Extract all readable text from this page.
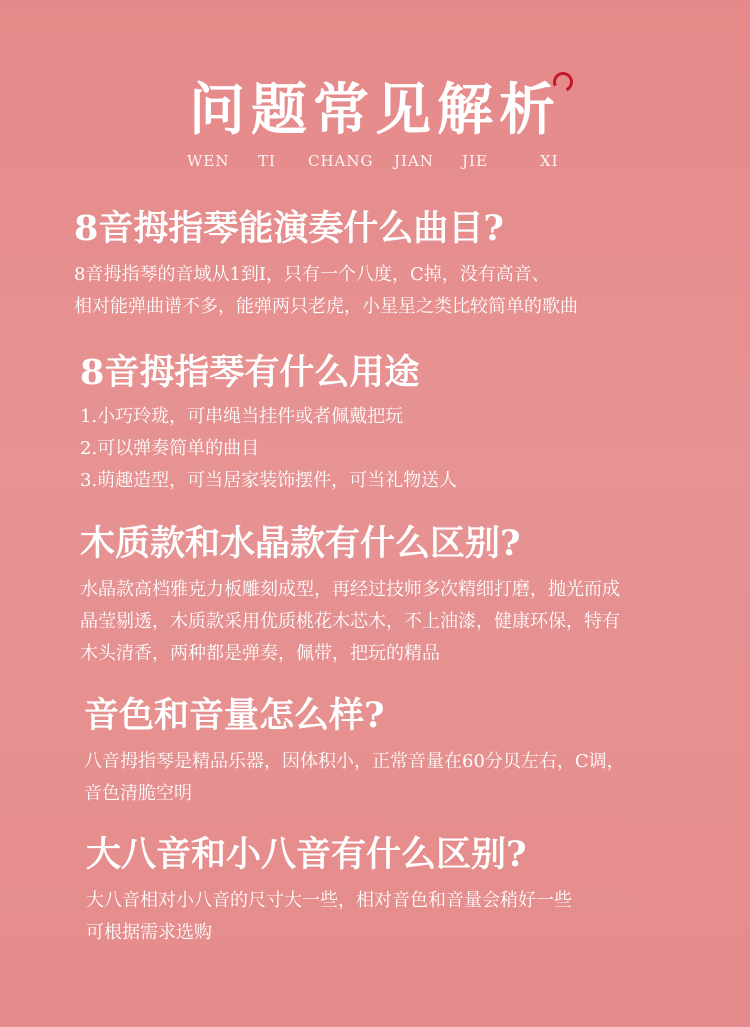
问题常见解析
WEN TI CHANG JIAN JIE	XI
8音拇指琴能演奏什么曲目?
8音拇指琴的音域从1到I，只有一个八度，C掉，没有高音、
相对能弹曲谱不多，能弹两只老虎，小星星之类比较简单的歌曲
8音拇指琴有什么用途
1.小巧玲珑，可串绳当挂件或者佩戴把玩
2.可以弹奏简单的曲目
3.萌趣造型，可当居家装饰摆件，可当礼物送人
木质款和水晶款有什么区别?
水晶款高档雅克力板雕刻成型，再经过技师多次精细打磨，抛光而成
晶莹剔透，木质款采用优质桃花木芯木，不上油漆，健康环保，特有
木头清香，两种都是弹奏，佩带，把玩的精品
音色和音量怎么样?
八音拇指琴是精品乐器，因体积小，正常音量在60分贝左右，C调，
音色清脆空明
大八音和小八音有什么区别?
大八音相对小八音的尺寸大一些，相对音色和音量会稍好一些
可根据需求选购
